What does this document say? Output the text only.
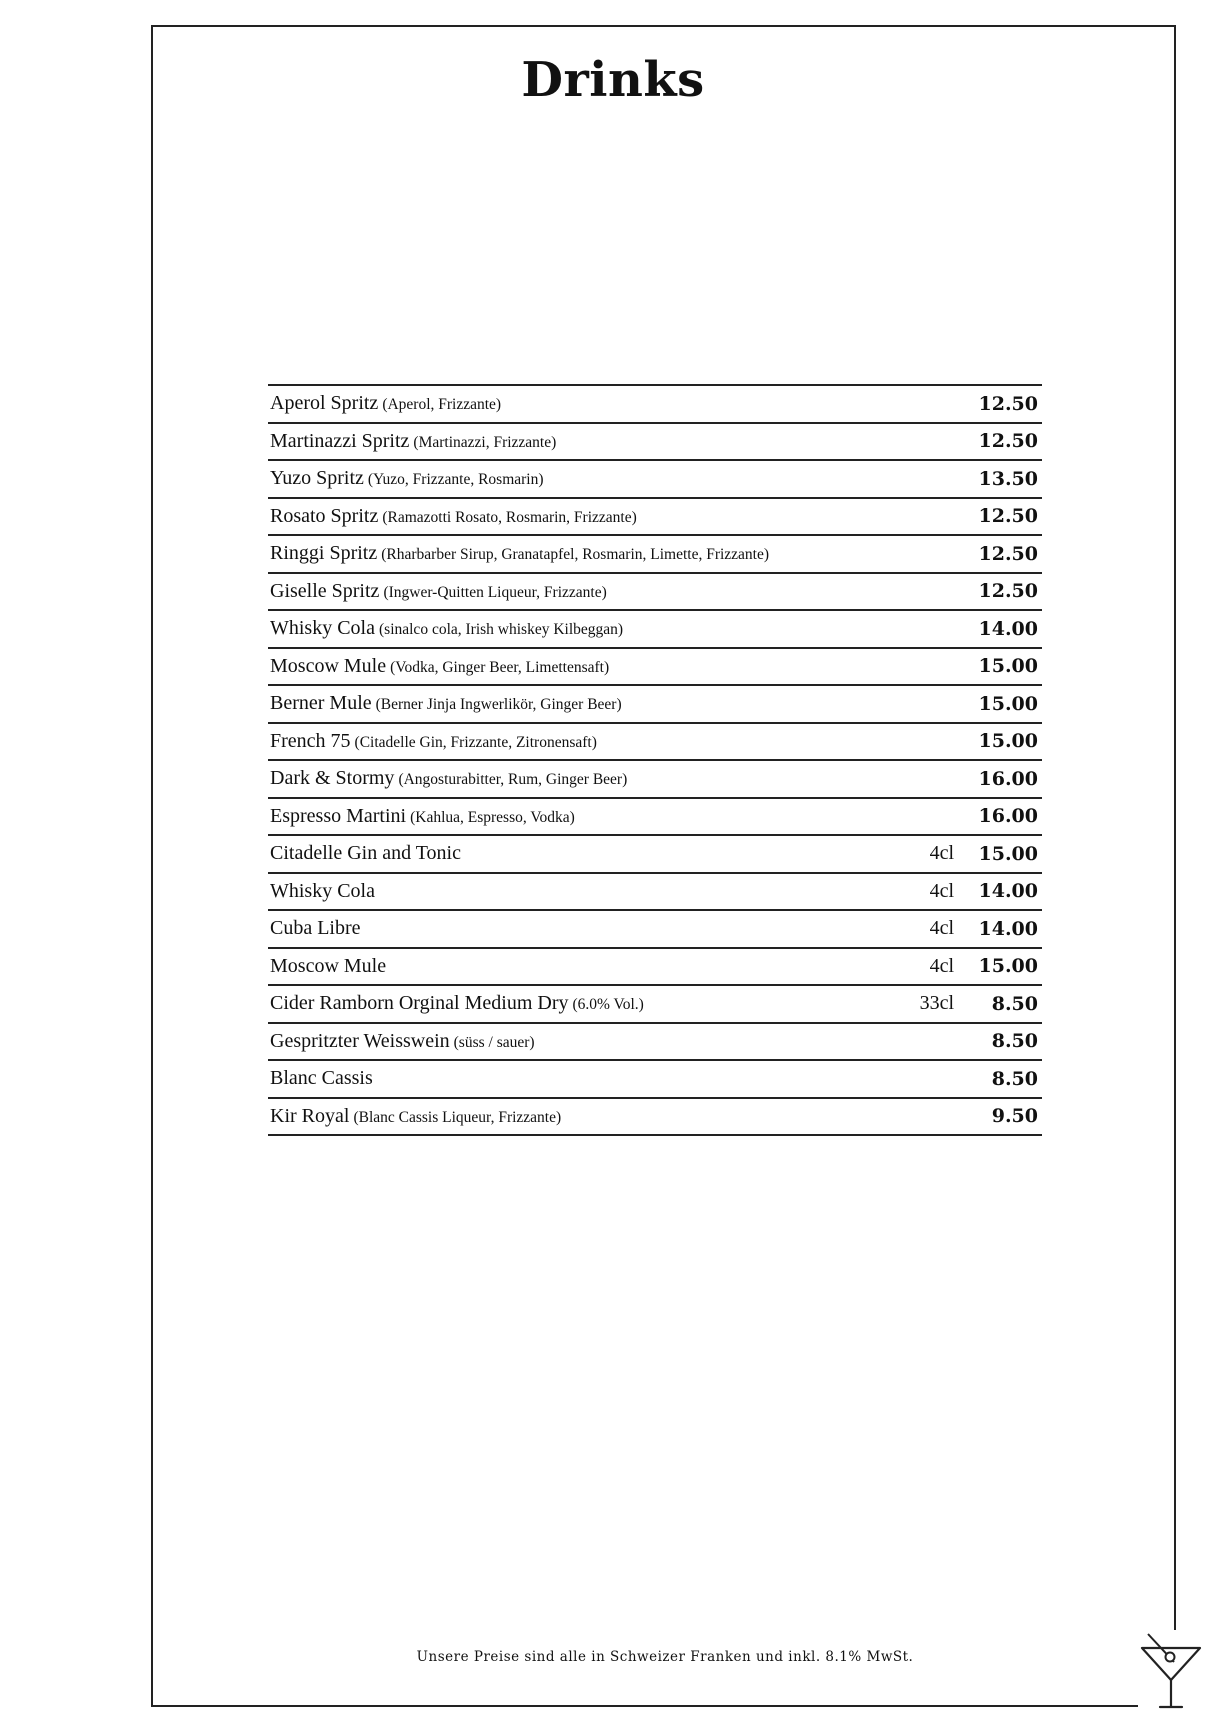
Drinks
Aperol Spritz (Aperol, Frizzante)	12.50
Martinazzi Spritz (Martinazzi, Frizzante)	12.50
Yuzo Spritz (Yuzo, Frizzante, Rosmarin)	13.50
Rosato Spritz (Ramazotti Rosato, Rosmarin, Frizzante)	12.50
Ringgi Spritz (Rharbarber Sirup, Granatapfel, Rosmarin, Limette, Frizzante)	12.50
Giselle Spritz (Ingwer-Quitten Liqueur, Frizzante)	12.50
Whisky Cola (sinalco cola, Irish whiskey Kilbeggan)	14.00
Moscow Mule (Vodka, Ginger Beer, Limettensaft)	15.00
Berner Mule (Berner Jinja Ingwerlikör, Ginger Beer)	15.00
French 75 (Citadelle Gin, Frizzante, Zitronensaft)	15.00
Dark & Stormy (Angosturabitter, Rum, Ginger Beer)	16.00
Espresso Martini (Kahlua, Espresso, Vodka)	16.00
Citadelle Gin and Tonic	4cl	15.00
Whisky Cola	4cl	14.00
Cuba Libre	4cl	14.00
Moscow Mule	4cl	15.00
Cider Ramborn Orginal Medium Dry (6.0% Vol.)	33cl	8.50
Gespritzter Weisswein (süss / sauer)	8.50
Blanc Cassis	8.50
Kir Royal (Blanc Cassis Liqueur, Frizzante)	9.50
Unsere Preise sind alle in Schweizer Franken und inkl. 8.1% MwSt.
